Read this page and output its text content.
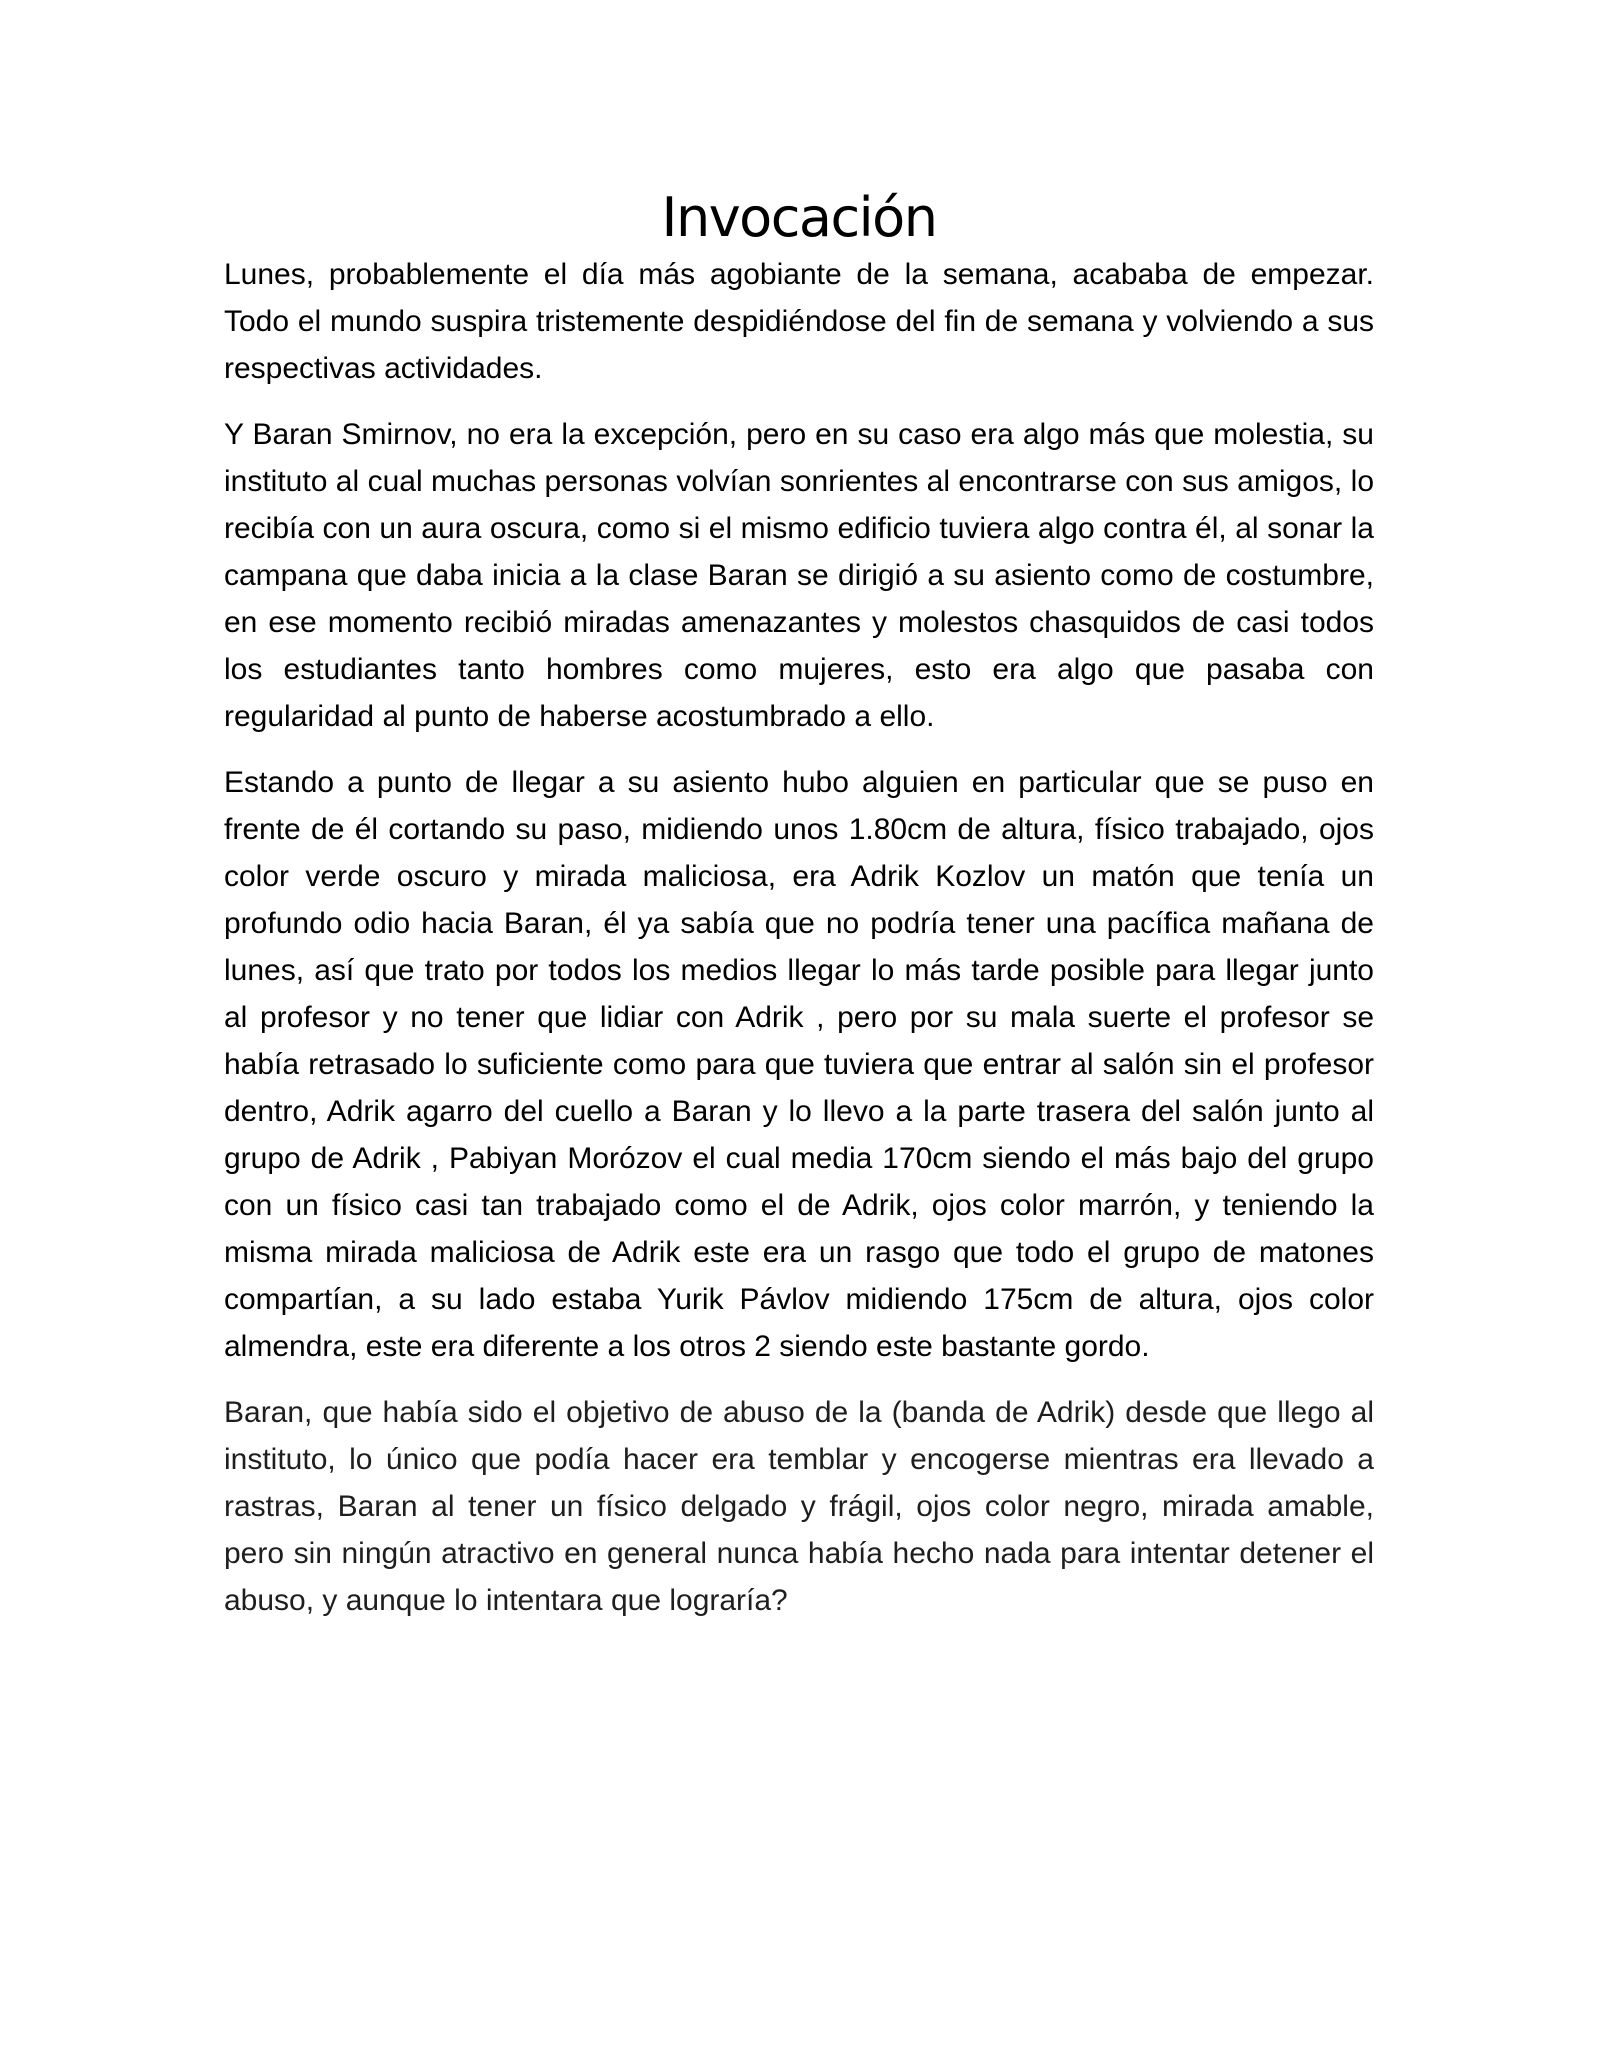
Invocación

Lunes, probablemente el día más agobiante de la semana, acababa de empezar. Todo el mundo suspira tristemente despidiéndose del fin de semana y volviendo a sus respectivas actividades.

Y Baran Smirnov, no era la excepción, pero en su caso era algo más que molestia, su instituto al cual muchas personas volvían sonrientes al encontrarse con sus amigos, lo recibía con un aura oscura, como si el mismo edificio tuviera algo contra él, al sonar la campana que daba inicia a la clase Baran se dirigió a su asiento como de costumbre, en ese momento recibió miradas amenazantes y molestos chasquidos de casi todos los estudiantes tanto hombres como mujeres, esto era algo que pasaba con regularidad al punto de haberse acostumbrado a ello.

Estando a punto de llegar a su asiento hubo alguien en particular que se puso en frente de él cortando su paso, midiendo unos 1.80cm de altura, físico trabajado, ojos color verde oscuro y mirada maliciosa, era Adrik Kozlov un matón que tenía un profundo odio hacia Baran, él ya sabía que no podría tener una pacífica mañana de lunes, así que trato por todos los medios llegar lo más tarde posible para llegar junto al profesor y no tener que lidiar con Adrik , pero por su mala suerte el profesor se había retrasado lo suficiente como para que tuviera que entrar al salón sin el profesor dentro, Adrik agarro del cuello a Baran y lo llevo a la parte trasera del salón junto al grupo de Adrik , Pabiyan Morózov el cual media 170cm siendo el más bajo del grupo con un físico casi tan trabajado como el de Adrik, ojos color marrón, y teniendo la misma mirada maliciosa de Adrik este era un rasgo que todo el grupo de matones compartían, a su lado estaba Yurik Pávlov midiendo 175cm de altura, ojos color almendra, este era diferente a los otros 2 siendo este bastante gordo.

Baran, que había sido el objetivo de abuso de la (banda de Adrik) desde que llego al instituto, lo único que podía hacer era temblar y encogerse mientras era llevado a rastras, Baran al tener un físico delgado y frágil, ojos color negro, mirada amable, pero sin ningún atractivo en general nunca había hecho nada para intentar detener el abuso, y aunque lo intentara que lograría?
